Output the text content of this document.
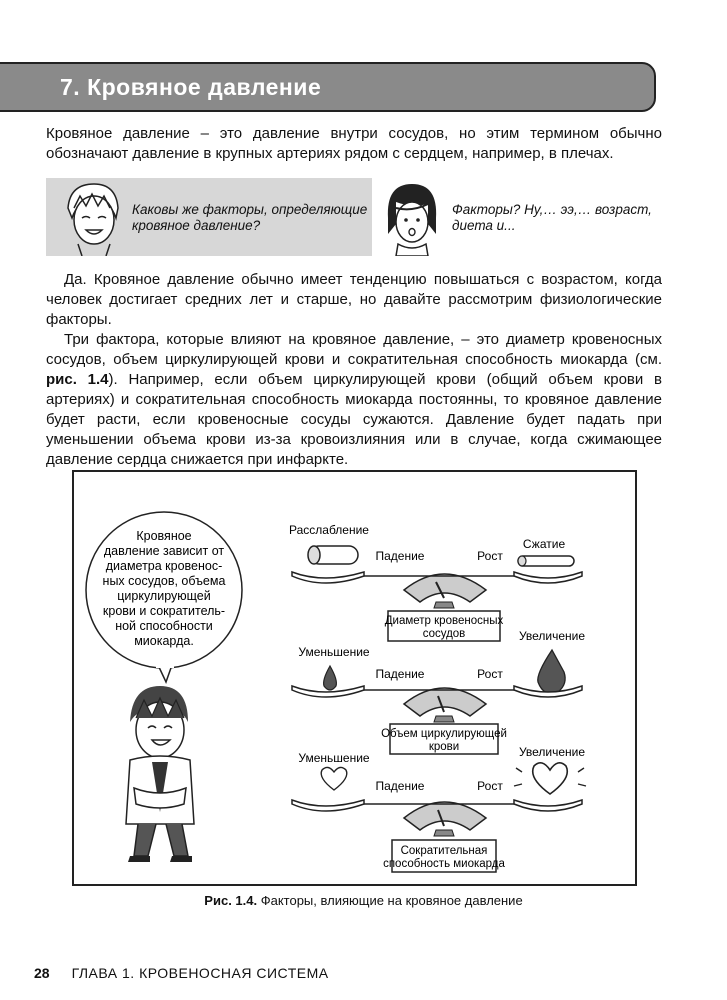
7. Кровяное давление
Кровяное давление – это давление внутри сосудов, но этим термином обычно обозначают давление в крупных артериях рядом с сердцем, например, в плечах.
Каковы же факторы, определяющие кровяное давление?
Факторы? Ну,… ээ,… возраст, диета и...
Да. Кровяное давление обычно имеет тенденцию повышаться с возрастом, когда человек достигает средних лет и старше, но давайте рассмотрим физиологические факторы.
Три фактора, которые влияют на кровяное давление, – это диаметр кровеносных сосудов, объем циркулирующей крови и сократительная способность миокарда (см. рис. 1.4). Например, если объем циркулирующей крови (общий объем крови в артериях) и сократительная способность миокарда постоянны, то кровяное давление будет расти, если кровеносные сосуды сужаются. Давление будет падать при уменьшении объема крови из-за кровоизлияния или в случае, когда сжимающее давление сердца снижается при инфаркте.
Кровяное
давление зависит от
диаметра кровенос-
ных сосудов, объема
циркулирующей
крови и сократитель-
ной способности
миокарда.
Расслабление
Сжатие
Падение	Рост
Диаметр кровеносных
сосудов
Уменьшение
Увеличение
Падение	Рост
Объем циркулирующей
крови
Уменьшение	Увеличение
Падение	Рост
Сократительная
способность миокарда
Рис. 1.4. Факторы, влияющие на кровяное давление
28 ГЛАВА 1. КРОВЕНОСНАЯ СИСТЕМА
